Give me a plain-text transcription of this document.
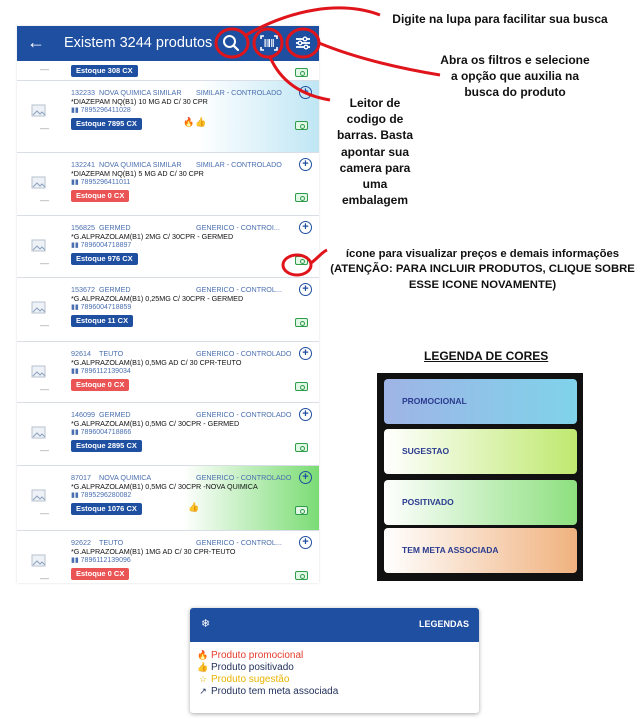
← Existem 3244 produtos
Estoque 308 CX
—
—
132233 NOVA QUIMICA SIMILAR SIMILAR - CONTROLADO
*DIAZEPAM NQ(B1) 10 MG AD C/ 30 CPR
▮▮ 7895296411028
Estoque 7895 CX
+
🔥 👍
—
132241 NOVA QUIMICA SIMILAR SIMILAR - CONTROLADO
*DIAZEPAM NQ(B1) 5 MG AD C/ 30 CPR
▮▮ 7895296411011
Estoque 0 CX
+
—
156825 GERMED	GENERICO - CONTROI...
*G.ALPRAZOLAM(B1) 2MG C/ 30CPR - GERMED
▮▮ 7896004718897
Estoque 976 CX
+
—
153672 GERMED	GENERICO - CONTROL...
*G.ALPRAZOLAM(B1) 0,25MG C/ 30CPR - GERMED
▮▮ 7896004718859
Estoque 11 CX
+
—
92614 TEUTO	GENERICO - CONTROLADO
*G.ALPRAZOLAM(B1) 0,5MG AD C/ 30 CPR-TEUTO
▮▮ 7896112139034
Estoque 0 CX
+
—
146099 GERMED	GENERICO - CONTROLADO
*G.ALPRAZOLAM(B1) 0,5MG C/ 30CPR - GERMED
▮▮ 7896004718866
Estoque 2895 CX
+
—
87017 NOVA QUIMICA	GENERICO - CONTROLADO
*G.ALPRAZOLAM(B1) 0,5MG C/ 30CPR -NOVA QUIMICA
▮▮ 7895296280082
Estoque 1076 CX
+
👍
—
92622 TEUTO	GENERICO - CONTROL...
*G.ALPRAZOLAM(B1) 1MG AD C/ 30 CPR-TEUTO
▮▮ 7896112139096
Estoque 0 CX
+
Digite na lupa para facilitar sua busca
Abra os filtros e selecione a opção que auxilia na busca do produto
Leitor de codigo de barras. Basta apontar sua camera para uma embalagem
ícone para visualizar preços e demais informações
(ATENÇÃO: PARA INCLUIR PRODUTOS, CLIQUE SOBRE ESSE ICONE NOVAMENTE)
LEGENDA DE CORES
PROMOCIONAL
SUGESTAO
POSITIVADO
TEM META ASSOCIADA
❄	LEGENDAS
🔥 Produto promocional
👍 Produto positivado
☆ Produto sugestão
↗ Produto tem meta associada
